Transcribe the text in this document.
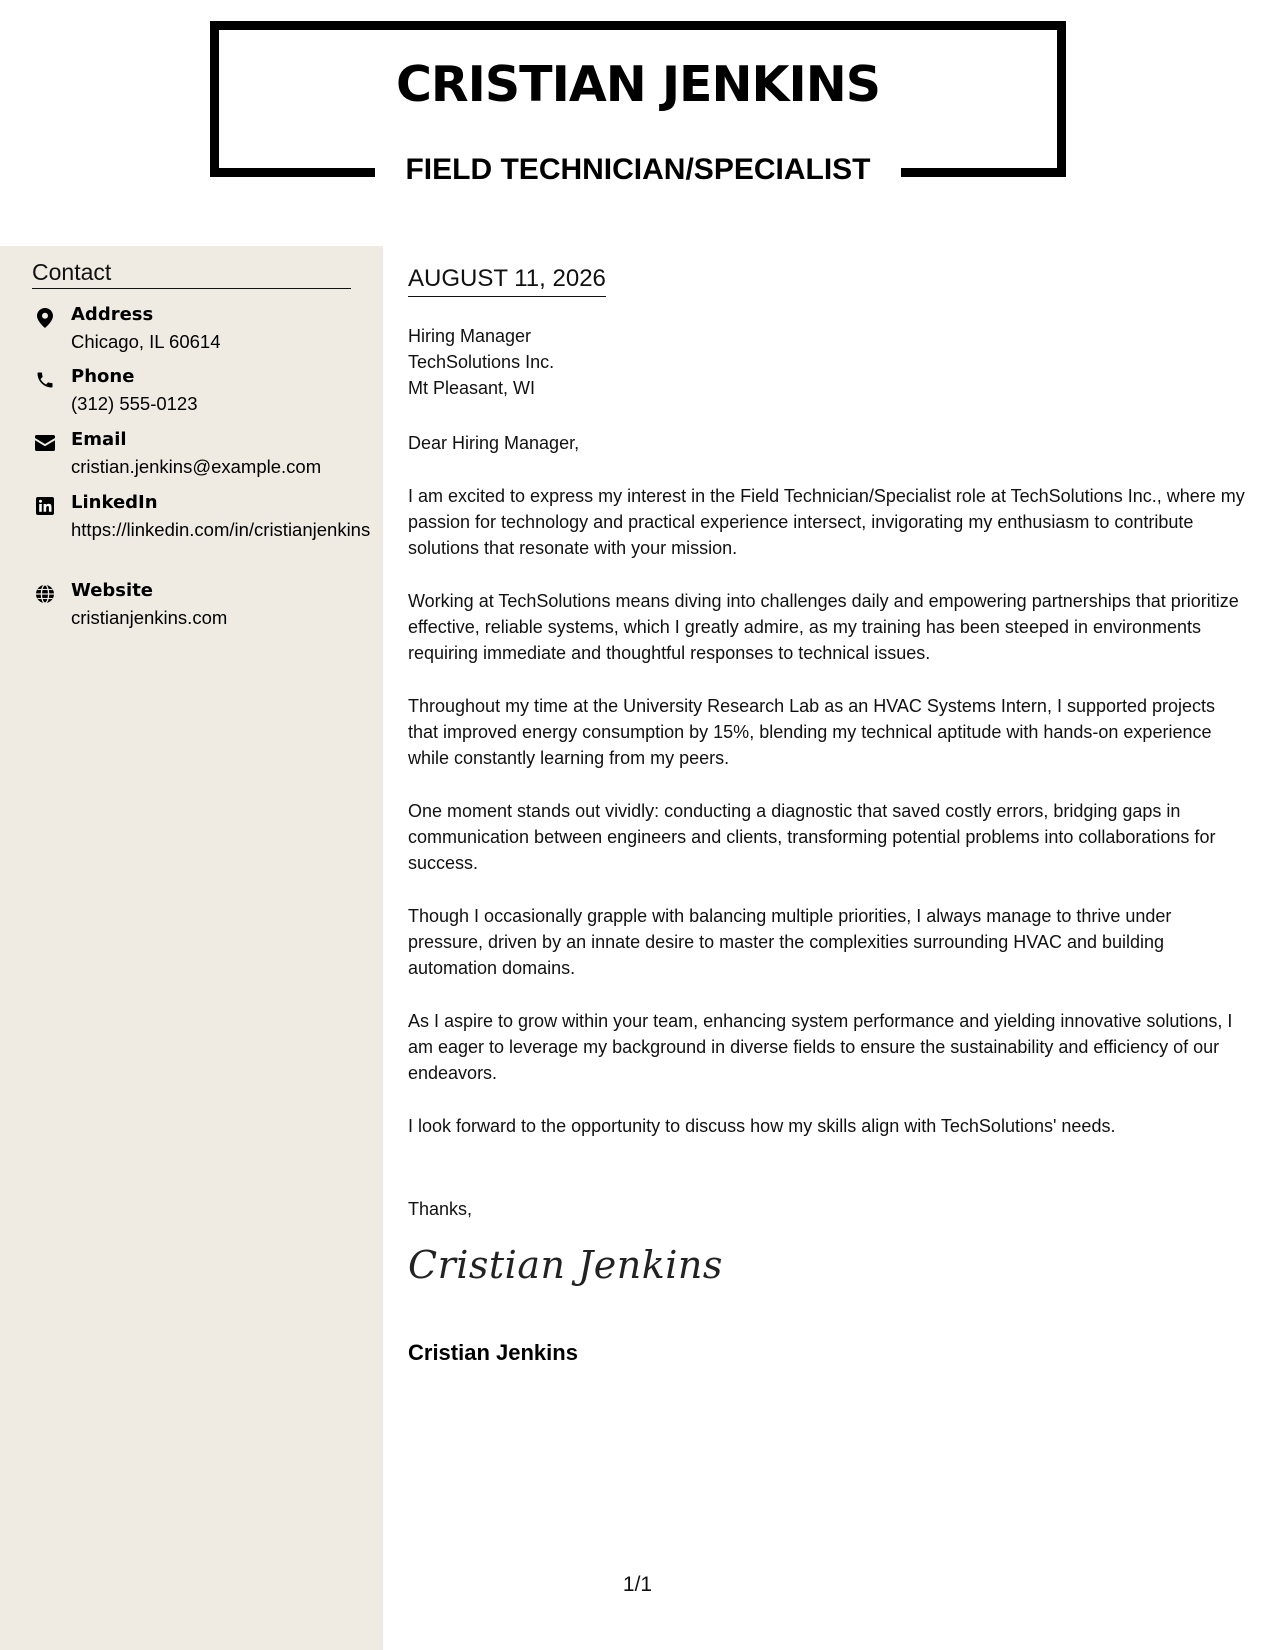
CRISTIAN JENKINS
FIELD TECHNICIAN/SPECIALIST
Contact
Address
Chicago, IL 60614
Phone
(312) 555-0123
Email
cristian.jenkins@example.com
LinkedIn
https://linkedin.com/in/cristianjenkins
Website
cristianjenkins.com
AUGUST 11, 2026
Hiring Manager
TechSolutions Inc.
Mt Pleasant, WI
Dear Hiring Manager,

I am excited to express my interest in the Field Technician/Specialist role at TechSolutions Inc., where my passion for technology and practical experience intersect, invigorating my enthusiasm to contribute solutions that resonate with your mission.

Working at TechSolutions means diving into challenges daily and empowering partnerships that prioritize effective, reliable systems, which I greatly admire, as my training has been steeped in environments requiring immediate and thoughtful responses to technical issues.

Throughout my time at the University Research Lab as an HVAC Systems Intern, I supported projects that improved energy consumption by 15%, blending my technical aptitude with hands-on experience while constantly learning from my peers.

One moment stands out vividly: conducting a diagnostic that saved costly errors, bridging gaps in communication between engineers and clients, transforming potential problems into collaborations for success.

Though I occasionally grapple with balancing multiple priorities, I always manage to thrive under pressure, driven by an innate desire to master the complexities surrounding HVAC and building automation domains.

As I aspire to grow within your team, enhancing system performance and yielding innovative solutions, I am eager to leverage my background in diverse fields to ensure the sustainability and efficiency of our endeavors.

I look forward to the opportunity to discuss how my skills align with TechSolutions' needs.

Thanks,
Cristian Jenkins
Cristian Jenkins
1/1
